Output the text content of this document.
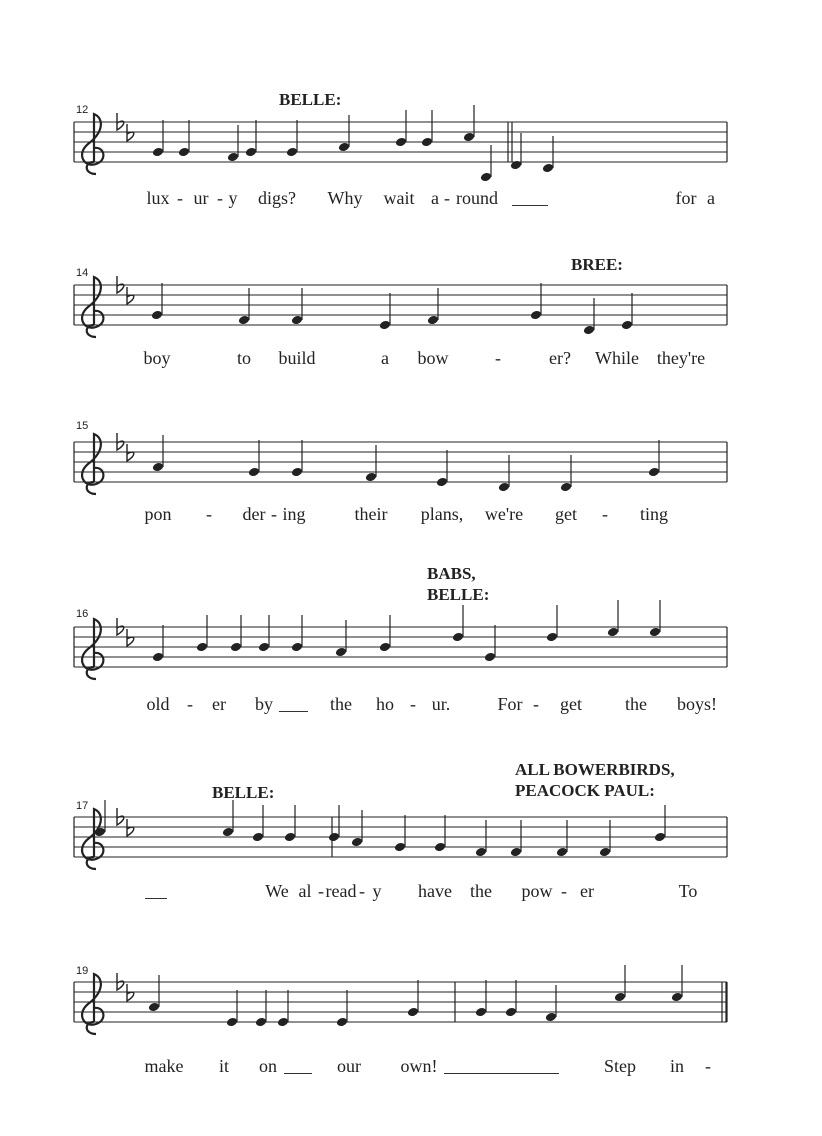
12
14
15
16
17
19
BELLE:
BREE:
BABS,
BELLE:
BELLE:
ALL BOWERBIRDS,
PEACOCK PAUL:
lux - ur - y digs? Why wait a - round	for a
boy	to build	a bow	-	er? While they're
pon - der - ing	their plans, we're get - ting
old - er by	the ho - ur.	For - get the boys!
We al - read - y have the pow - er	To
make it on	our own!	Step in -
